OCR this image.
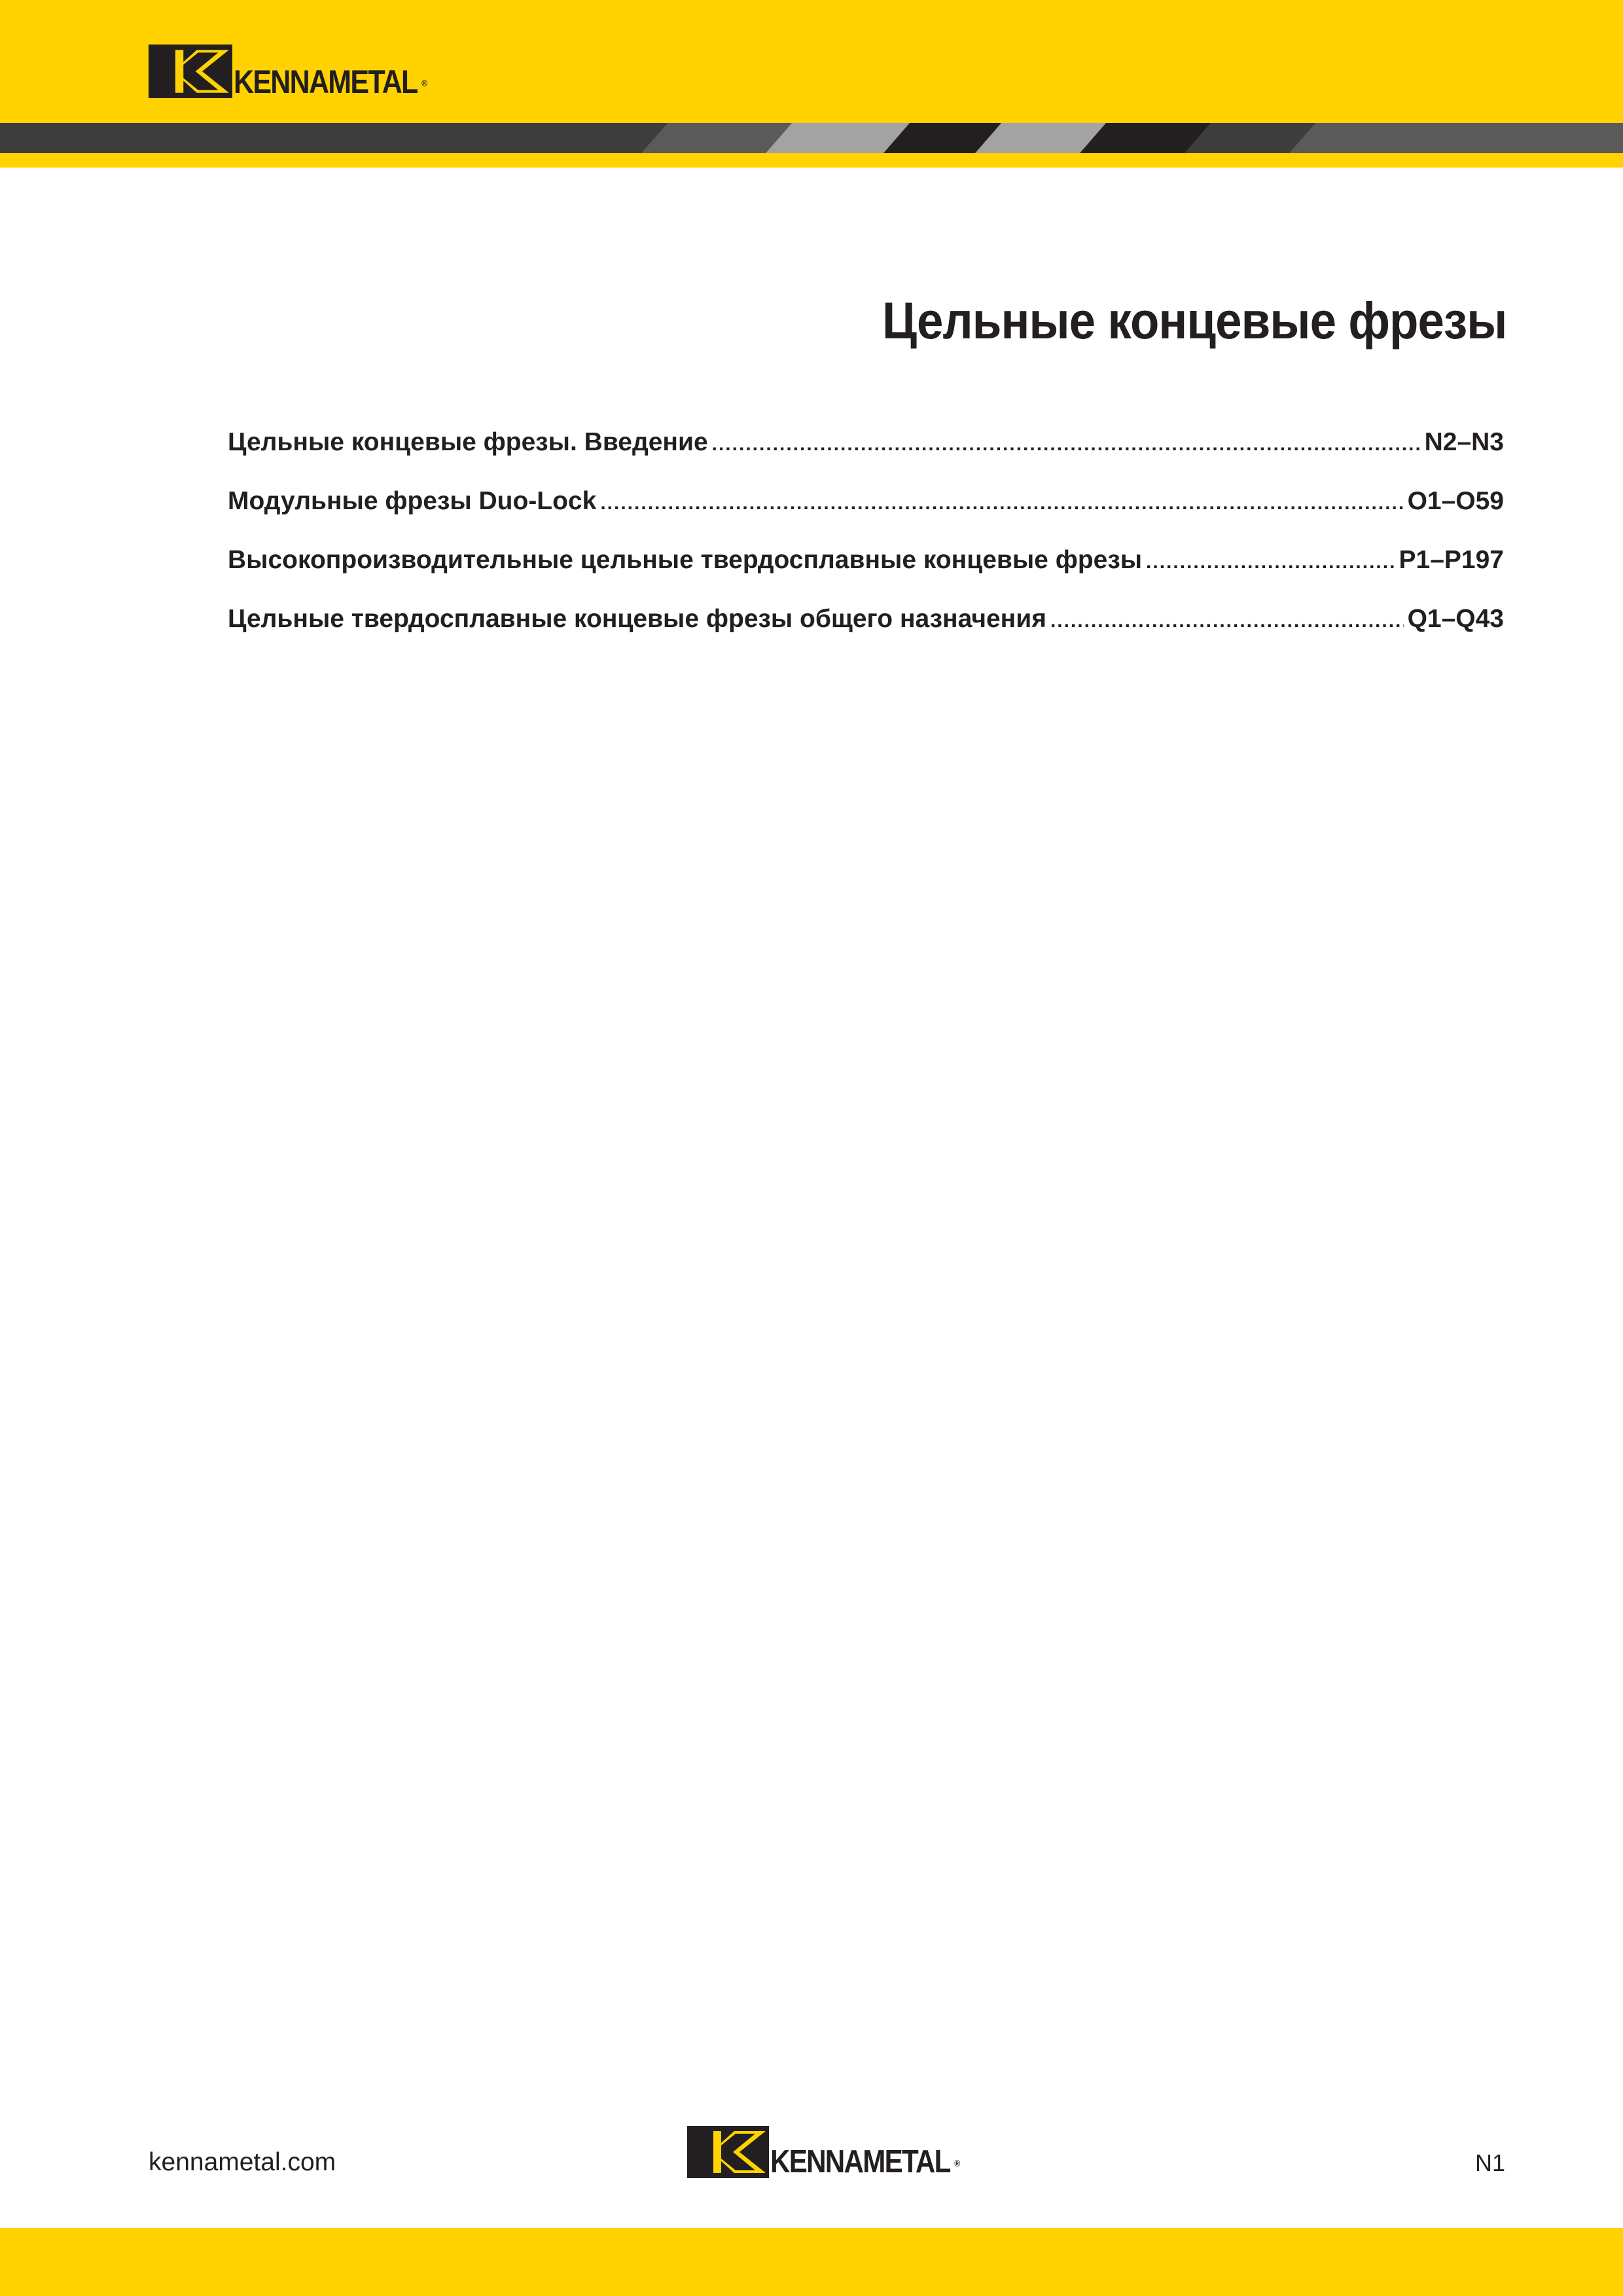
KENNAMETAL ®
Цельные концевые фрезы
Цельные концевые фрезы. Введение .....	N2–N3
Модульные фрезы Duo-Lock .....	O1–O59
Высокопроизводительные цельные твердосплавные концевые фрезы .....	P1–P197
Цельные твердосплавные концевые фрезы общего назначения .....	Q1–Q43

kennametal.com	KENNAMETAL ®	N1
